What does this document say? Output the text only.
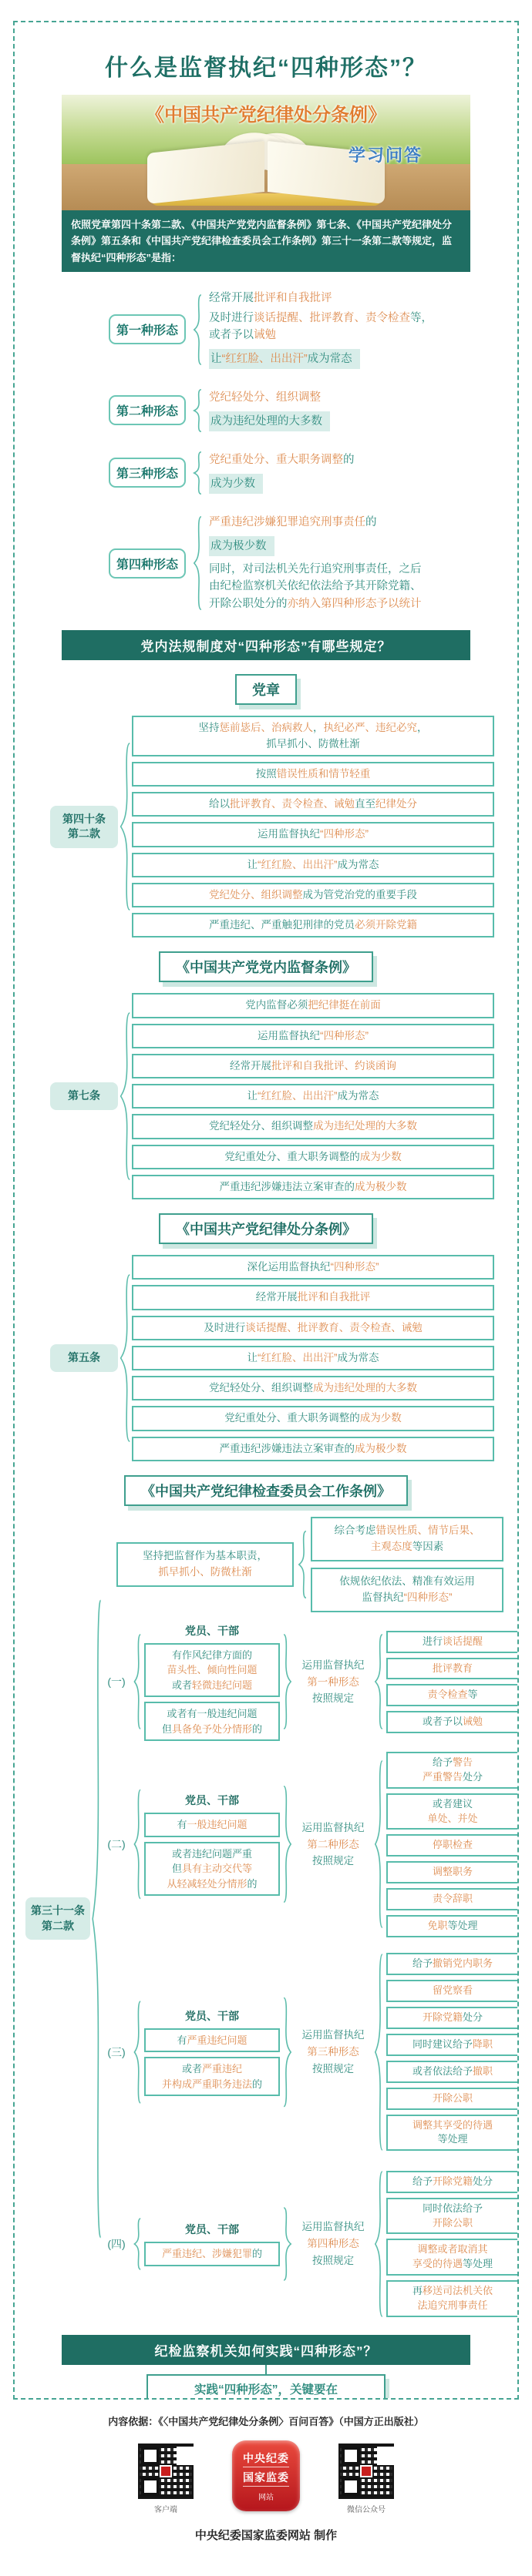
什么是监督执纪“四种形态”？
《中国共产党纪律处分条例》
学习问答
依照党章第四十条第二款、《中国共产党党内监督条例》第七条、《中国共产党纪律处分条例》第五条和《中国共产党纪律检查委员会工作条例》第三十一条第二款等规定，监督执纪“四种形态”是指：
第一种形态
经常开展批评和自我批评
及时进行谈话提醒、批评教育、责令检查等，
或者予以诫勉
让“红红脸、出出汗”成为常态
第二种形态
党纪轻处分、组织调整
成为违纪处理的大多数
第三种形态
党纪重处分、重大职务调整的
成为少数
第四种形态
严重违纪涉嫌犯罪追究刑事责任的
成为极少数
同时，对司法机关先行追究刑事责任，之后
由纪检监察机关依纪依法给予其开除党籍、
开除公职处分的亦纳入第四种形态予以统计
党内法规制度对“四种形态”有哪些规定？
党章
第四十条
第二款
坚持惩前毖后、治病救人，执纪必严、违纪必究，
抓早抓小、防微杜渐
按照错误性质和情节轻重
给以批评教育、责令检查、诫勉直至纪律处分
运用监督执纪“四种形态”
让“红红脸、出出汗”成为常态
党纪处分、组织调整成为管党治党的重要手段
严重违纪、严重触犯刑律的党员必须开除党籍
《中国共产党党内监督条例》
第七条
党内监督必须把纪律挺在前面
运用监督执纪“四种形态”
经常开展批评和自我批评、约谈函询
让“红红脸、出出汗”成为常态
党纪轻处分、组织调整成为违纪处理的大多数
党纪重处分、重大职务调整的成为少数
严重违纪涉嫌违法立案审查的成为极少数
《中国共产党纪律处分条例》
第五条
深化运用监督执纪“四种形态”
经常开展批评和自我批评
及时进行谈话提醒、批评教育、责令检查、诫勉
让“红红脸、出出汗”成为常态
党纪轻处分、组织调整成为违纪处理的大多数
党纪重处分、重大职务调整的成为少数
严重违纪涉嫌违法立案审查的成为极少数
《中国共产党纪律检查委员会工作条例》
第三十一条
第二款
坚持把监督作为基本职责，
抓早抓小、防微杜渐
综合考虑错误性质、情节后果、
主观态度等因素
依规依纪依法、精准有效运用
监督执纪“四种形态”
(一)
党员、干部
有作风纪律方面的
苗头性、倾向性问题
或者轻微违纪问题
或者有一般违纪问题
但具备免予处分情形的
运用监督执纪
第一种形态
按照规定
进行谈话提醒
批评教育
责令检查等
或者予以诫勉
(二)
党员、干部
有一般违纪问题
或者违纪问题严重
但具有主动交代等
从轻减轻处分情形的
运用监督执纪
第二种形态
按照规定
给予警告
严重警告处分
或者建议
单处、并处
停职检查
调整职务
责令辞职
免职等处理
(三)
党员、干部
有严重违纪问题
或者严重违纪
并构成严重职务违法的
运用监督执纪
第三种形态
按照规定
给予撤销党内职务
留党察看
开除党籍处分
同时建议给予降职
或者依法给予撤职
开除公职
调整其享受的待遇
等处理
(四)
党员、干部
严重违纪、涉嫌犯罪的
运用监督执纪
第四种形态
按照规定
给予开除党籍处分
同时依法给予
开除公职
调整或者取消其
享受的待遇等处理
再移送司法机关依
法追究刑事责任
纪检监察机关如何实践“四种形态”？
实践“四种形态”，关键要在

内容依据：《〈中国共产党纪律处分条例〉百问百答》（中国方正出版社）
客户端
中央纪委
国家监委
网站
微信公众号
中央纪委国家监委网站 制作
